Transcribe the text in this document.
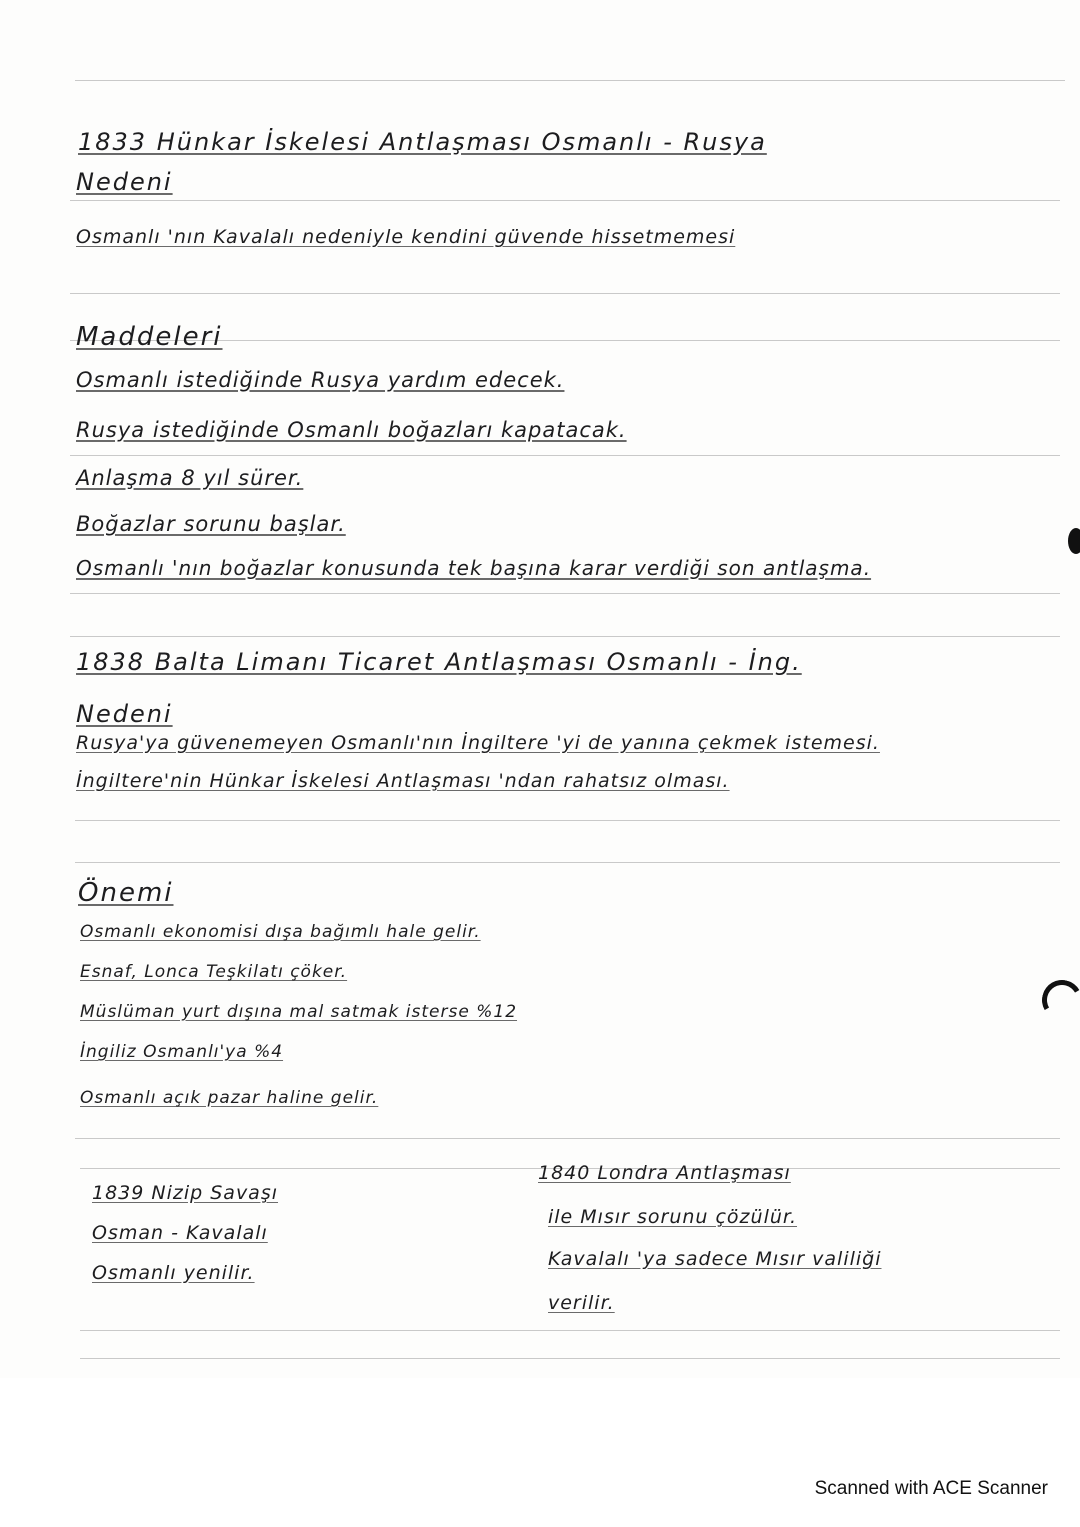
1833 Hünkar İskelesi Antlaşması Osmanlı - Rusya
Nedeni
Osmanlı 'nın Kavalalı nedeniyle kendini güvende hissetmemesi
Maddeleri
Osmanlı istediğinde Rusya yardım edecek.
Rusya istediğinde Osmanlı boğazları kapatacak.
Anlaşma 8 yıl sürer.
Boğazlar sorunu başlar.
Osmanlı 'nın boğazlar konusunda tek başına karar verdiği son antlaşma.
1838 Balta Limanı Ticaret Antlaşması Osmanlı - İng.
Nedeni
Rusya'ya güvenemeyen Osmanlı'nın İngiltere 'yi de yanına çekmek istemesi.
İngiltere'nin Hünkar İskelesi Antlaşması 'ndan rahatsız olması.
Önemi
Osmanlı ekonomisi dışa bağımlı hale gelir.
Esnaf, Lonca Teşkilatı çöker.
Müslüman yurt dışına mal satmak isterse %12
İngiliz Osmanlı'ya %4
Osmanlı açık pazar haline gelir.
1839 Nizip Savaşı
Osman - Kavalalı
Osmanlı yenilir.
1840 Londra Antlaşması
ile Mısır sorunu çözülür.
Kavalalı 'ya sadece Mısır valiliği
verilir.
Scanned with ACE Scanner
